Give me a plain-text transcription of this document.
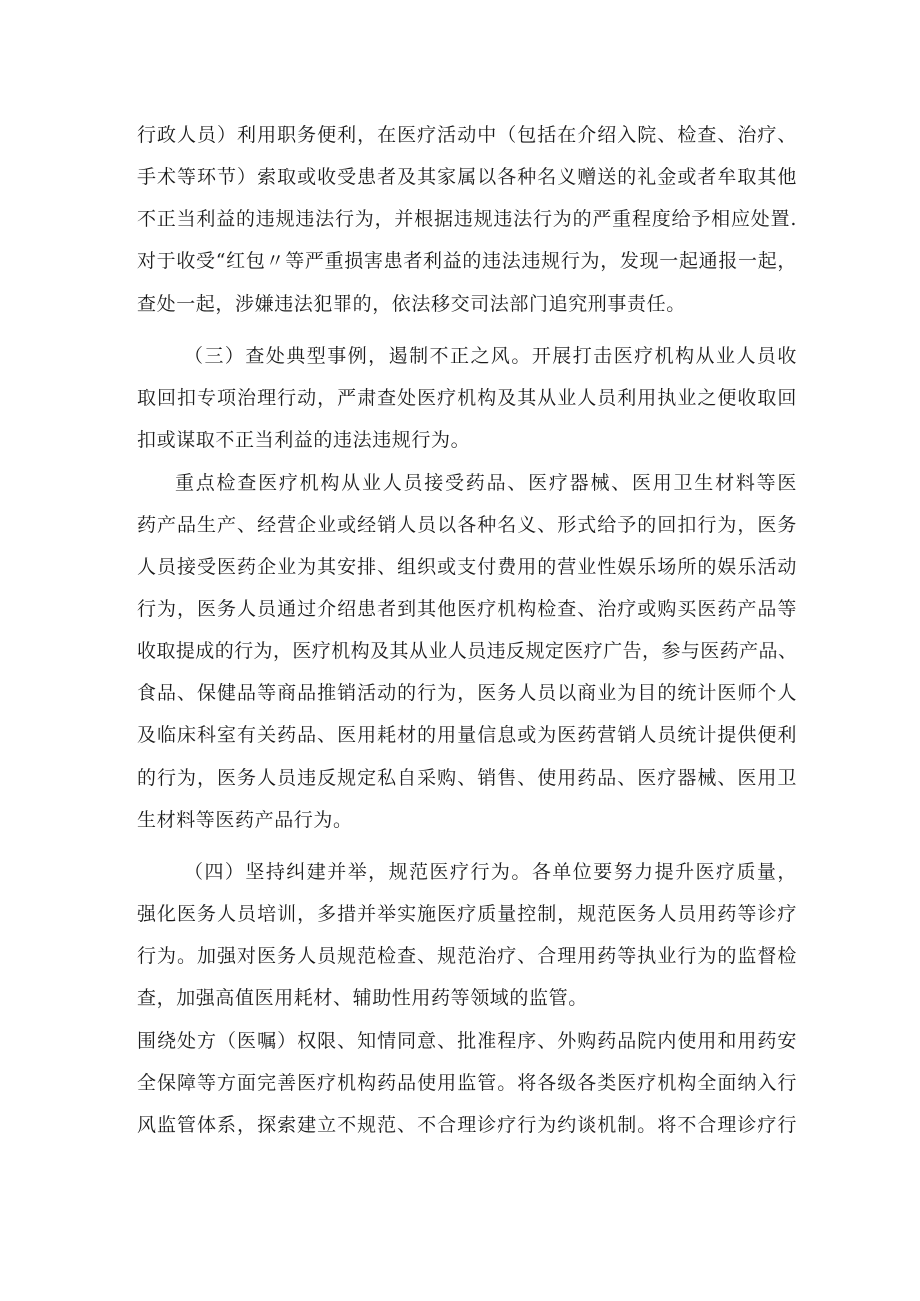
行政人员）利用职务便利，在医疗活动中（包括在介绍入院、检查、治疗、
手术等环节）索取或收受患者及其家属以各种名义赠送的礼金或者牟取其他
不正当利益的违规违法行为，并根据违规违法行为的严重程度给予相应处置.
对于收受“红包〃等严重损害患者利益的违法违规行为，发现一起通报一起，
查处一起，涉嫌违法犯罪的，依法移交司法部门追究刑事责任。
（三）查处典型事例，遏制不正之风。开展打击医疗机构从业人员收
取回扣专项治理行动，严肃查处医疗机构及其从业人员利用执业之便收取回
扣或谋取不正当利益的违法违规行为。
重点检查医疗机构从业人员接受药品、医疗器械、医用卫生材料等医
药产品生产、经营企业或经销人员以各种名义、形式给予的回扣行为，医务
人员接受医药企业为其安排、组织或支付费用的营业性娱乐场所的娱乐活动
行为，医务人员通过介绍患者到其他医疗机构检查、治疗或购买医药产品等
收取提成的行为，医疗机构及其从业人员违反规定医疗广告，参与医药产品、
食品、保健品等商品推销活动的行为，医务人员以商业为目的统计医师个人
及临床科室有关药品、医用耗材的用量信息或为医药营销人员统计提供便利
的行为，医务人员违反规定私自采购、销售、使用药品、医疗器械、医用卫
生材料等医药产品行为。
（四）坚持纠建并举，规范医疗行为。各单位要努力提升医疗质量，
强化医务人员培训，多措并举实施医疗质量控制，规范医务人员用药等诊疗
行为。加强对医务人员规范检查、规范治疗、合理用药等执业行为的监督检
查，加强高值医用耗材、辅助性用药等领域的监管。
围绕处方（医嘱）权限、知情同意、批准程序、外购药品院内使用和用药安
全保障等方面完善医疗机构药品使用监管。将各级各类医疗机构全面纳入行
风监管体系，探索建立不规范、不合理诊疗行为约谈机制。将不合理诊疗行
